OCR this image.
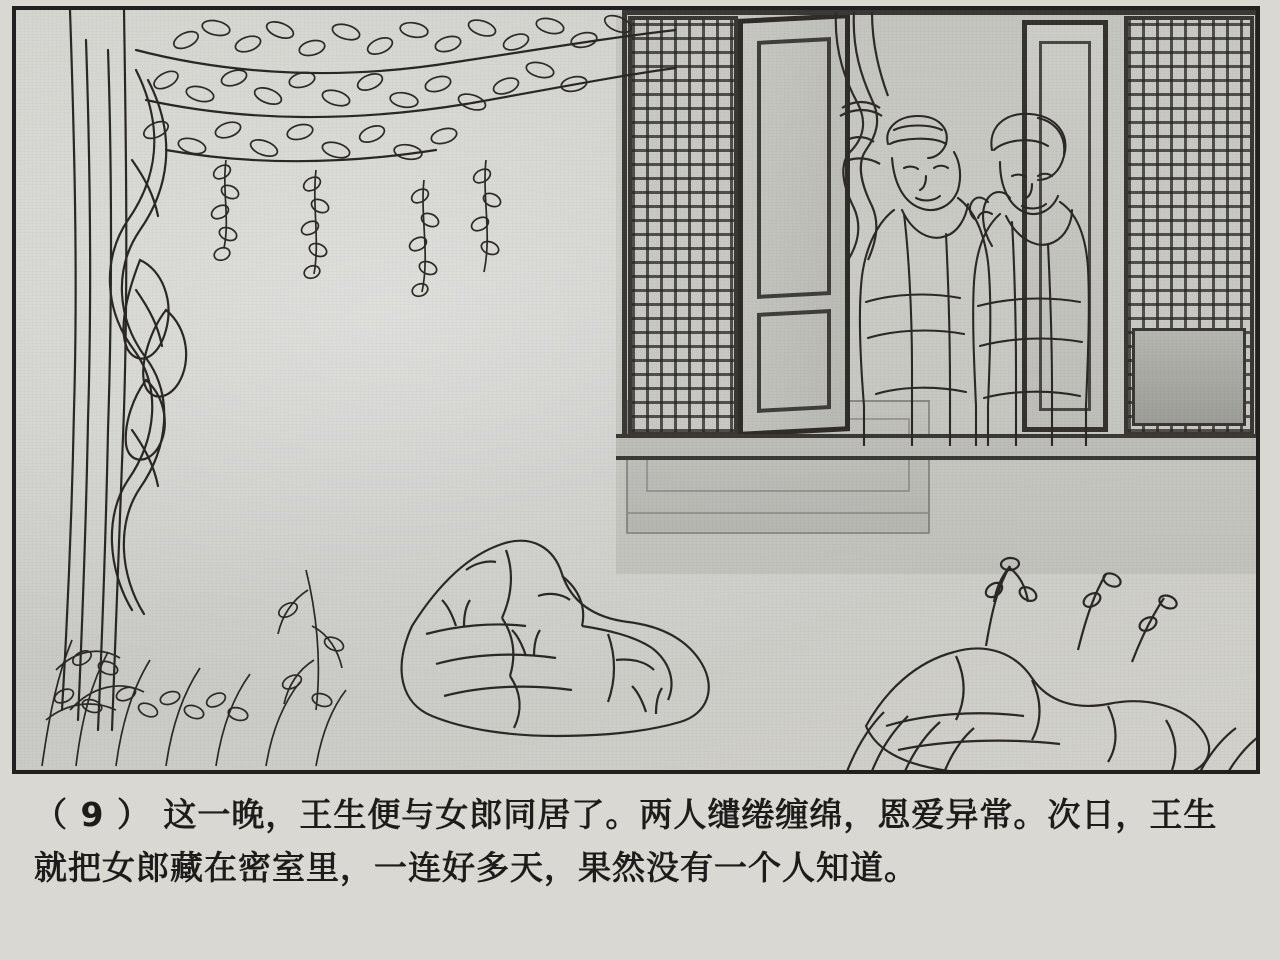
（ 9 ） 这一晚，王生便与女郎同居了。两人缱绻缠绵，恩爱异常。次日，王生就把女郎藏在密室里，一连好多天，果然没有一个人知道。
